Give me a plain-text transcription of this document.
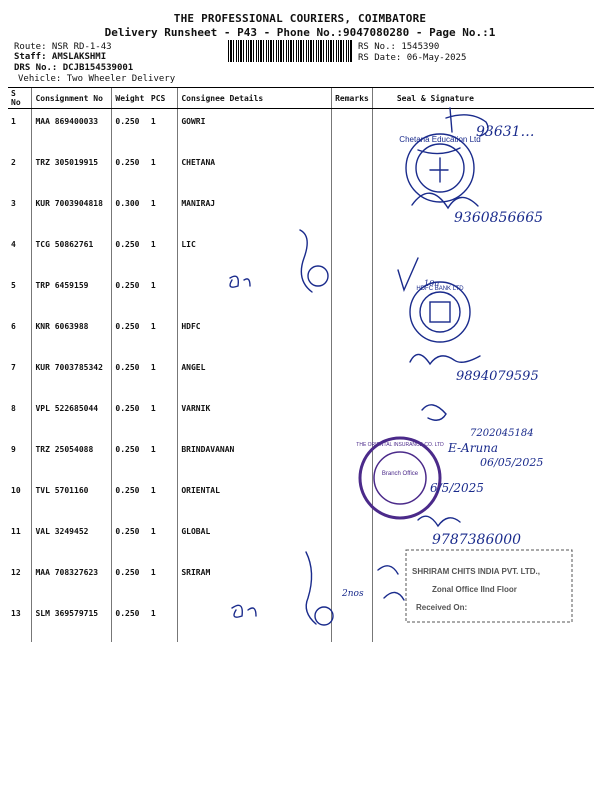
THE PROFESSIONAL COURIERS, COIMBATORE
Delivery Runsheet - P43 - Phone No.:9047080280 - Page No.:1
Route: NSR RD-1-43
Staff: AMSLAKSHMI
DRS No.: DCJB154539001
Vehicle: Two Wheeler Delivery
RS No.: 1545390
RS Date: 06-May-2025
S No	Consignment No	Weight	PCS	Consignee Details	Remarks	Seal & Signature
1	MAA 869400033	0.250	1	GOWRI		
2	TRZ 305019915	0.250	1	CHETANA		
3	KUR 7003904818	0.300	1	MANIRAJ		
4	TCG 50862761	0.250	1	LIC		
5	TRP 6459159	0.250	1			
6	KNR 6063988	0.250	1	HDFC		
7	KUR 7003785342	0.250	1	ANGEL		
8	VPL 522685044	0.250	1	VARNIK		
9	TRZ 25054088	0.250	1	BRINDAVANAN		
10	TVL 5701160	0.250	1	ORIENTAL		
11	VAL 3249452	0.250	1	GLOBAL		
12	MAA 708327623	0.250	1	SRIRAM		
13	SLM 369579715	0.250	1			
Branch Office
93631…
9360856665
10n
9894079595
7202045184
E-Aruna
06/05/2025
6/5/2025
9787386000
2nos
Chetana Education Ltd
HDFC BANK LTD
THE ORIENTAL INSURANCE CO. LTD
SHRIRAM CHITS INDIA PVT. LTD.,
Zonal Office IInd Floor
Received On:
